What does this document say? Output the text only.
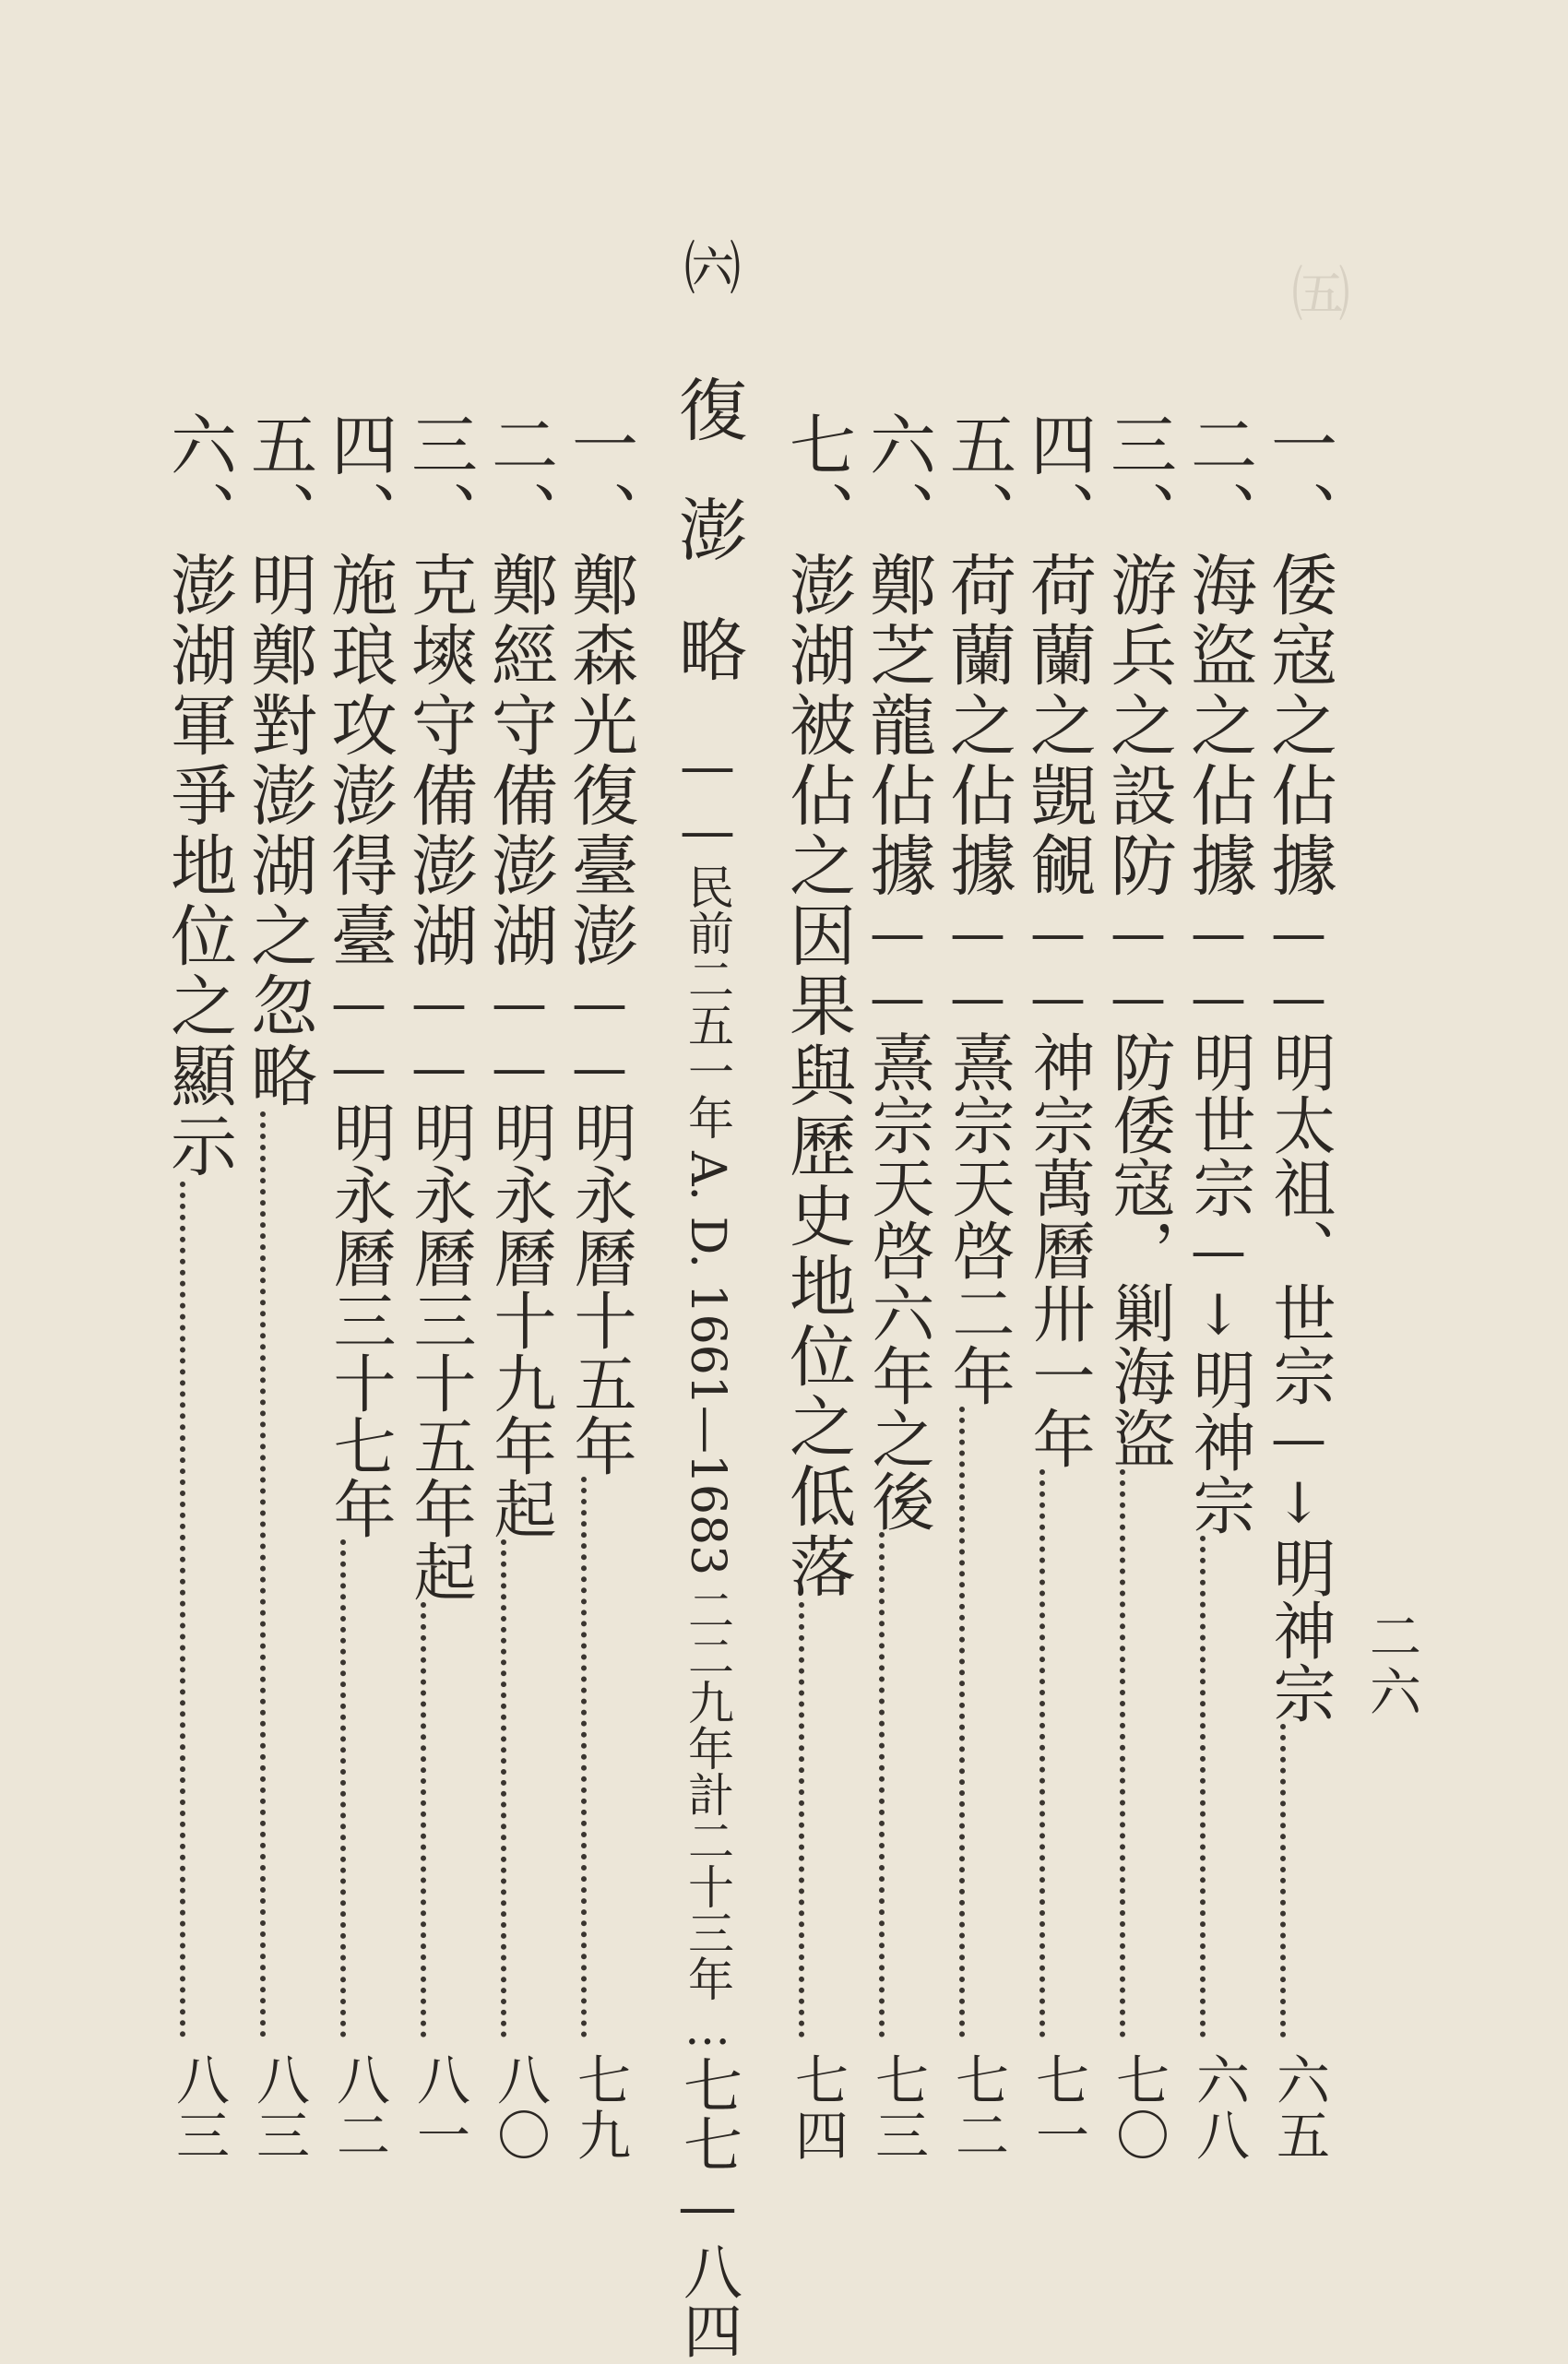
㈤
二六
一、倭寇之佔據
——
明太祖、世宗
—↓
明神宗
六五
二、海盜之佔據
——
明世宗
—↓
明神宗
六八
三、游兵之設防
——
防倭寇，剿海盜
七〇
四、荷蘭之覬覦
——
神宗萬曆卅一年
七一
五、荷蘭之佔據
——
熹宗天啓二年
七二
六、鄭芝龍佔據
——
熹宗天啓六年之後
七三
七、澎湖被佔之因果與歷史地位之低落
七四
㈥
復澎略
——
民前二五一年
A. D. 1661—1683
二二九年計二十三年
…
七七—八四
一、鄭森光復臺澎
——
明永曆十五年
七九
二、鄭經守備澎湖
——
明永曆十九年起
八〇
三、克塽守備澎湖
——
明永曆三十五年起
八一
四、施琅攻澎得臺
——
明永曆三十七年
八二
五、明鄭對澎湖之忽略
八三
六、澎湖軍爭地位之顯示
八三
